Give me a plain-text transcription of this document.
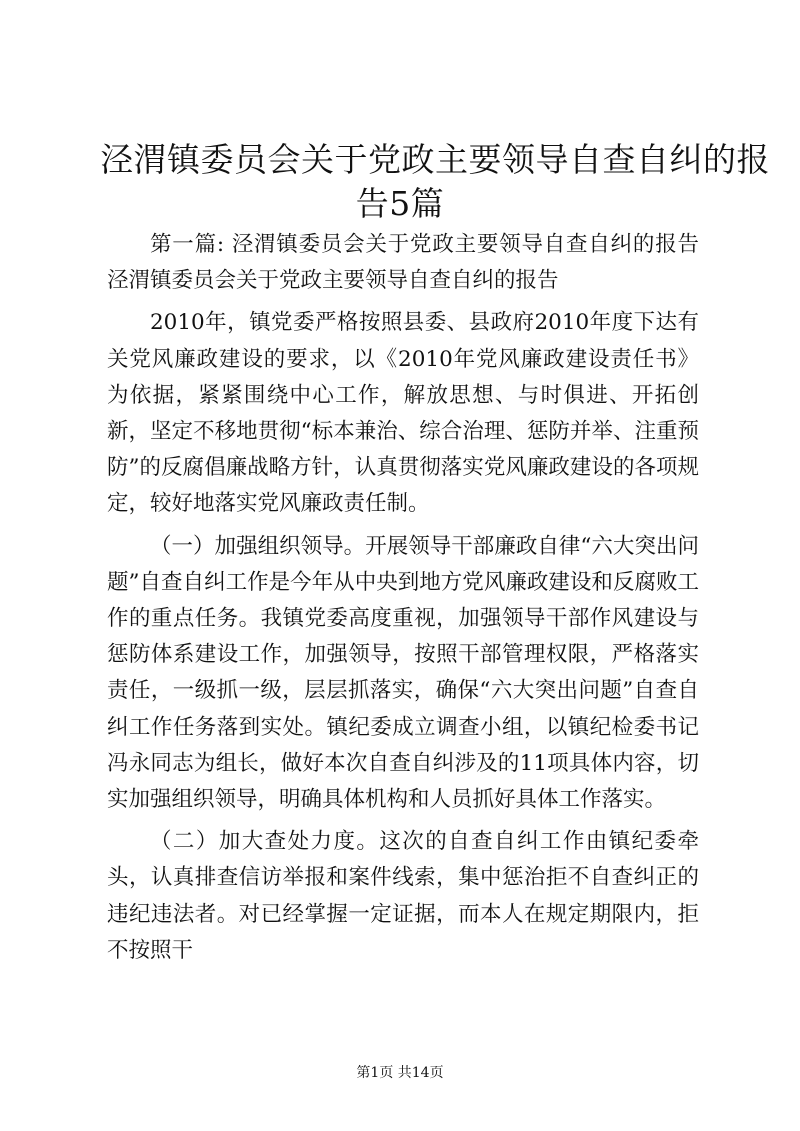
泾渭镇委员会关于党政主要领导自查自纠的报
告5篇

第一篇: 泾渭镇委员会关于党政主要领导自查自纠的报告泾渭镇委员会关于党政主要领导自查自纠的报告

2010年，镇党委严格按照县委、县政府2010年度下达有关党风廉政建设的要求，以《2010年党风廉政建设责任书》为依据，紧紧围绕中心工作，解放思想、与时俱进、开拓创新，坚定不移地贯彻“标本兼治、综合治理、惩防并举、注重预防”的反腐倡廉战略方针，认真贯彻落实党风廉政建设的各项规定，较好地落实党风廉政责任制。

（一）加强组织领导。开展领导干部廉政自律“六大突出问题”自查自纠工作是今年从中央到地方党风廉政建设和反腐败工作的重点任务。我镇党委高度重视，加强领导干部作风建设与惩防体系建设工作，加强领导，按照干部管理权限，严格落实责任，一级抓一级，层层抓落实，确保“六大突出问题”自查自纠工作任务落到实处。镇纪委成立调查小组，以镇纪检委书记冯永同志为组长，做好本次自查自纠涉及的11项具体内容，切实加强组织领导，明确具体机构和人员抓好具体工作落实。

（二）加大查处力度。这次的自查自纠工作由镇纪委牵头，认真排查信访举报和案件线索，集中惩治拒不自查纠正的违纪违法者。对已经掌握一定证据，而本人在规定期限内，拒不按照干

第1页 共14页
